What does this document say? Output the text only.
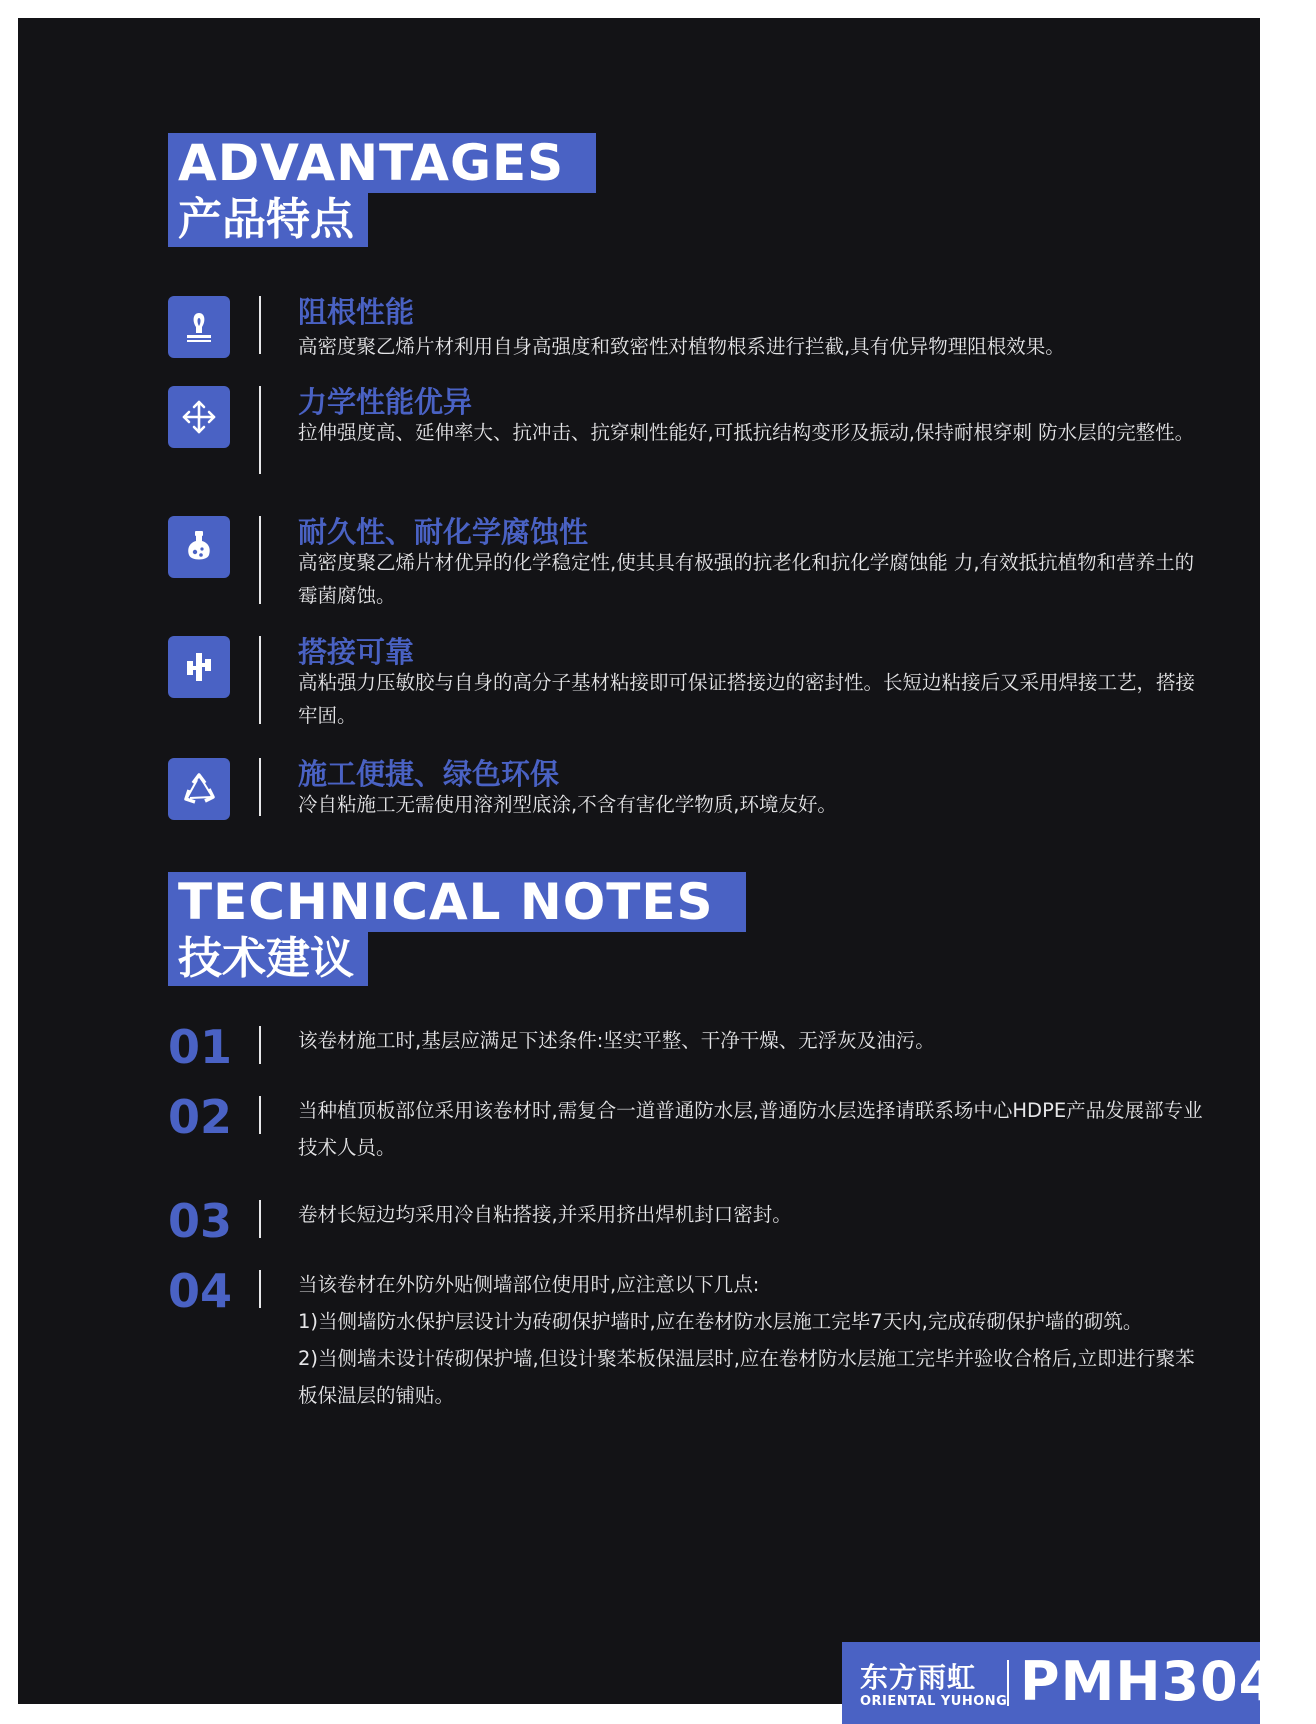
ADVANTAGES
产品特点
阻根性能
高密度聚乙烯片材利用自身高强度和致密性对植物根系进行拦截,具有优异物理阻根效果。
力学性能优异
拉伸强度高、延伸率大、抗冲击、抗穿刺性能好,可抵抗结构变形及振动,保持耐根穿刺 防水层的完整性。
耐久性、耐化学腐蚀性
高密度聚乙烯片材优异的化学稳定性,使其具有极强的抗老化和抗化学腐蚀能 力,有效抵抗植物和营养土的霉菌腐蚀。
搭接可靠
高粘强力压敏胶与自身的高分子基材粘接即可保证搭接边的密封性。长短边粘接后又采用焊接工艺，搭接牢固。
施工便捷、绿色环保
冷自粘施工无需使用溶剂型底涂,不含有害化学物质,环境友好。
TECHNICAL NOTES
技术建议
01	该卷材施工时,基层应满足下述条件:坚实平整、干净干燥、无浮灰及油污。
02	当种植顶板部位采用该卷材时,需复合一道普通防水层,普通防水层选择请联系场中心HDPE产品发展部专业技术人员。
03	卷材长短边均采用冷自粘搭接,并采用挤出焊机封口密封。
04	当该卷材在外防外贴侧墙部位使用时,应注意以下几点:
1)当侧墙防水保护层设计为砖砌保护墙时,应在卷材防水层施工完毕7天内,完成砖砌保护墙的砌筑。
2)当侧墙未设计砖砌保护墙,但设计聚苯板保温层时,应在卷材防水层施工完毕并验收合格后,立即进行聚苯板保温层的铺贴。
东方雨虹
ORIENTAL YUHONG PMH3041
